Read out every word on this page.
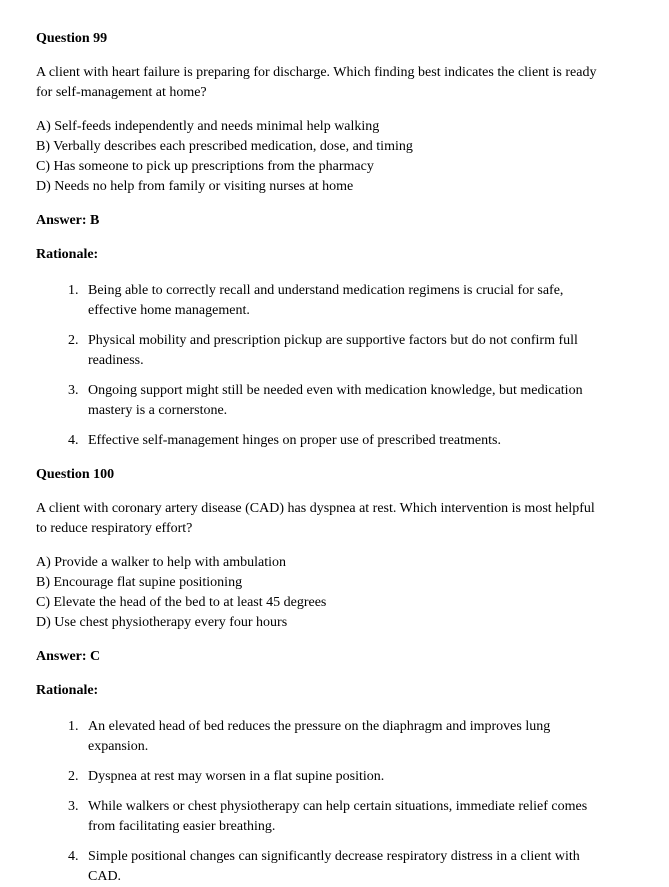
Question 99

A client with heart failure is preparing for discharge. Which finding best indicates the client is ready for self-management at home?

A) Self-feeds independently and needs minimal help walking
B) Verbally describes each prescribed medication, dose, and timing
C) Has someone to pick up prescriptions from the pharmacy
D) Needs no help from family or visiting nurses at home

Answer: B

Rationale:

1. Being able to correctly recall and understand medication regimens is crucial for safe, effective home management.
2. Physical mobility and prescription pickup are supportive factors but do not confirm full readiness.
3. Ongoing support might still be needed even with medication knowledge, but medication mastery is a cornerstone.
4. Effective self-management hinges on proper use of prescribed treatments.
Question 100

A client with coronary artery disease (CAD) has dyspnea at rest. Which intervention is most helpful to reduce respiratory effort?

A) Provide a walker to help with ambulation
B) Encourage flat supine positioning
C) Elevate the head of the bed to at least 45 degrees
D) Use chest physiotherapy every four hours

Answer: C

Rationale:

1. An elevated head of bed reduces the pressure on the diaphragm and improves lung expansion.
2. Dyspnea at rest may worsen in a flat supine position.
3. While walkers or chest physiotherapy can help certain situations, immediate relief comes from facilitating easier breathing.
4. Simple positional changes can significantly decrease respiratory distress in a client with CAD.
